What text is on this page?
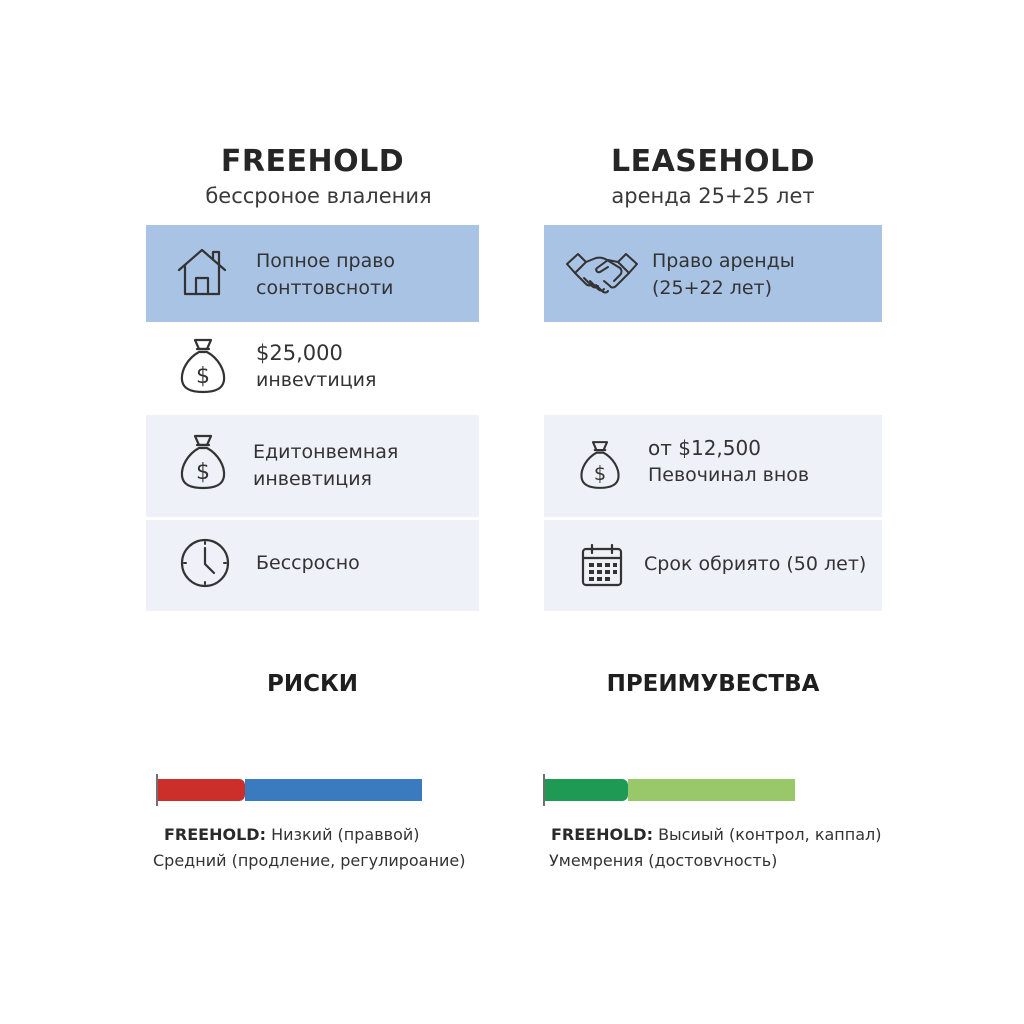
FREEHOLD
бессроное влаления
LEASEHOLD
аренда 25+25 лет
Попное право
сонттовсноти
$25,000
инвеѵтиция
Едитонвемная
инвевтиция
Бессросно
Право аренды
(25+22 лет)
от $12,500
Певочинал внов
Срок обриято (50 лет)
$
$	$
РИСКИ	ПРЕИМУВЕСТВА
FREEHOLD: Низкий (праввой)
Средний (продление, регулироание)
FREEHOLD: Высиый (контрол, каппал)
Умемрения (достовѵность)
